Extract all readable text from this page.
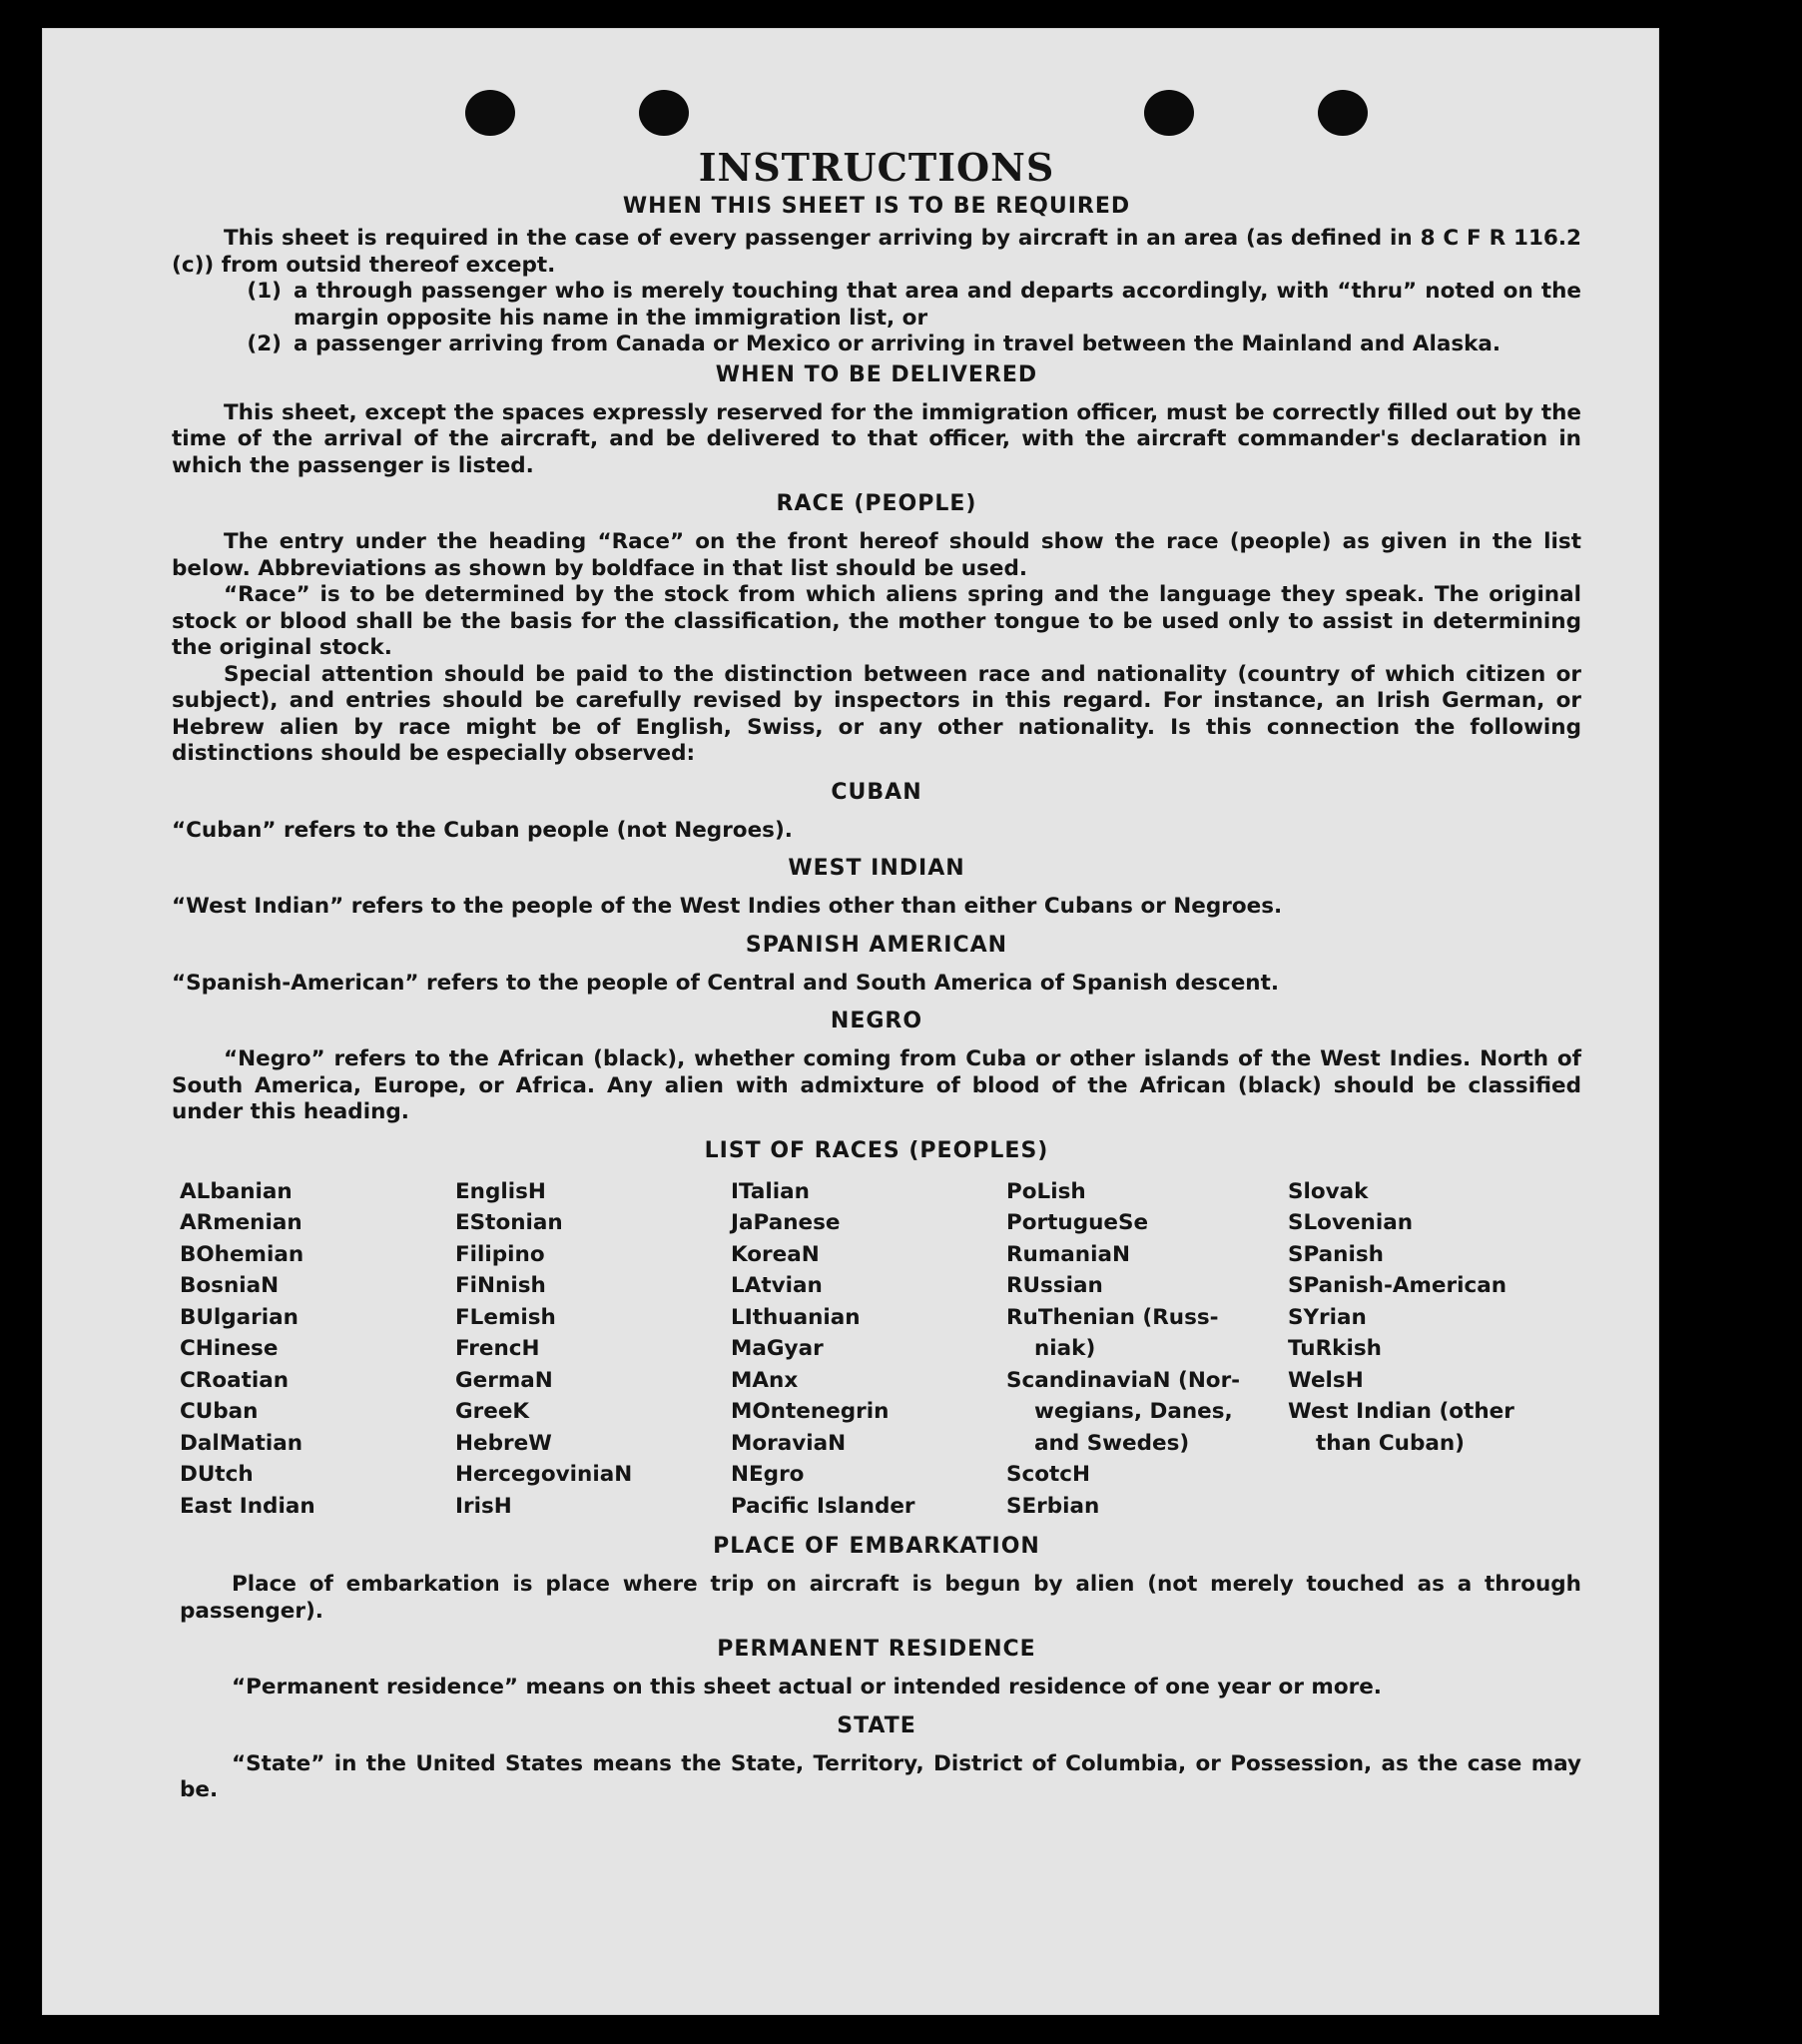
INSTRUCTIONS
WHEN THIS SHEET IS TO BE REQUIRED

This sheet is required in the case of every passenger arriving by aircraft in an area (as defined in 8 C F R 116.2 (c)) from outsid thereof except.

(1) a through passenger who is merely touching that area and departs accordingly, with “thru” noted on the margin opposite his name in the immigration list, or
(2) a passenger arriving from Canada or Mexico or arriving in travel between the Mainland and Alaska.
WHEN TO BE DELIVERED

This sheet, except the spaces expressly reserved for the immigration officer, must be correctly filled out by the time of the arrival of the aircraft, and be delivered to that officer, with the aircraft commander's declaration in which the passenger is listed.

RACE (PEOPLE)

The entry under the heading “Race” on the front hereof should show the race (people) as given in the list below. Abbreviations as shown by boldface in that list should be used.

“Race” is to be determined by the stock from which aliens spring and the language they speak. The original stock or blood shall be the basis for the classification, the mother tongue to be used only to assist in determining the original stock.

Special attention should be paid to the distinction between race and nationality (country of which citizen or subject), and entries should be carefully revised by inspectors in this regard. For instance, an Irish German, or Hebrew alien by race might be of English, Swiss, or any other nationality. Is this connection the following distinctions should be especially observed:

CUBAN

“Cuban” refers to the Cuban people (not Negroes).

WEST INDIAN

“West Indian” refers to the people of the West Indies other than either Cubans or Negroes.

SPANISH AMERICAN

“Spanish-American” refers to the people of Central and South America of Spanish descent.

NEGRO

“Negro” refers to the African (black), whether coming from Cuba or other islands of the West Indies. North of South America, Europe, or Africa. Any alien with admixture of blood of the African (black) should be classified under this heading.

LIST OF RACES (PEOPLES)
ALbanian	EnglisH	ITalian	PoLish	Slovak
ARmenian	EStonian	JaPanese	PortugueSe	SLovenian
BOhemian	Filipino	KoreaN	RumaniaN	SPanish
BosniaN	FiNnish	LAtvian	RUssian	SPanish-American
BUlgarian	FLemish	LIthuanian	RuThenian (Russ-	SYrian
CHinese	FrencH	MaGyar	niak)	TuRkish
CRoatian	GermaN	MAnx	ScandinaviaN (Nor-	WelsH
CUban	GreeK	MOntenegrin	wegians, Danes,	West Indian (other
DalMatian	HebreW	MoraviaN	and Swedes)	than Cuban)
DUtch	HercegoviniaN	NEgro	ScotcH
East Indian	IrisH	Pacific Islander	SErbian
PLACE OF EMBARKATION

Place of embarkation is place where trip on aircraft is begun by alien (not merely touched as a through passenger).

PERMANENT RESIDENCE

“Permanent residence” means on this sheet actual or intended residence of one year or more.

STATE

“State” in the United States means the State, Territory, District of Columbia, or Possession, as the case may be.
